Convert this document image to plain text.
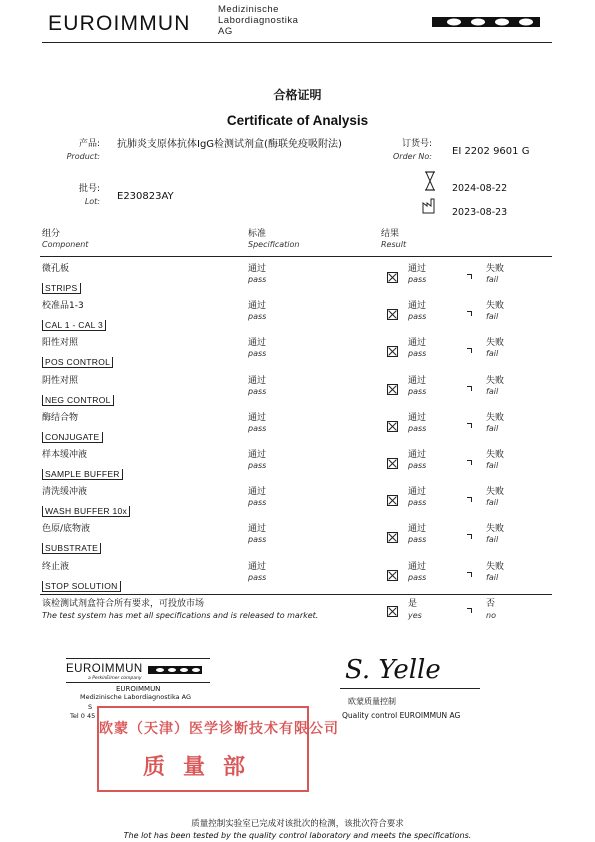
EUROIMMUN
Medizinische
Labordiagnostika
AG
合格证明
Certificate of Analysis
产品:
Product:
抗肺炎支原体抗体IgG检测试剂盒(酶联免疫吸附法)	订货号:
Order No: EI 2202 9601 G
批号:
Lot: E230823AY
2024-08-22
2023-08-23
组分
Component
标准
Specification
结果
Result
微孔板
STRIPS
通过
pass
通过
pass
失败
fail
校准品1-3
CAL 1 - CAL 3
通过
pass
通过
pass
失败
fail
阳性对照
POS CONTROL
通过
pass
通过
pass
失败
fail
阴性对照
NEG CONTROL
通过
pass
通过
pass
失败
fail
酶结合物
CONJUGATE
通过
pass
通过
pass
失败
fail
样本缓冲液
SAMPLE BUFFER
通过
pass
通过
pass
失败
fail
清洗缓冲液
WASH BUFFER 10x
通过
pass
通过
pass
失败
fail
色原/底物液
SUBSTRATE
通过
pass
通过
pass
失败
fail
终止液
STOP SOLUTION
通过
pass
通过
pass
失败
fail
该检测试剂盒符合所有要求，可投放市场
The test system has met all specifications and is released to market.
是
yes
否
no
EUROIMMUN
a PerkinElmer company
EUROIMMUN
Medizinische Labordiagnostika AG
S
Tel 0 45
S. Yelle
欧蒙质量控制
Quality control EUROIMMUN AG
欧蒙（天津）医学诊断技术有限公司
质量部
质量控制实验室已完成对该批次的检测，该批次符合要求
The lot has been tested by the quality control laboratory and meets the specifications.
